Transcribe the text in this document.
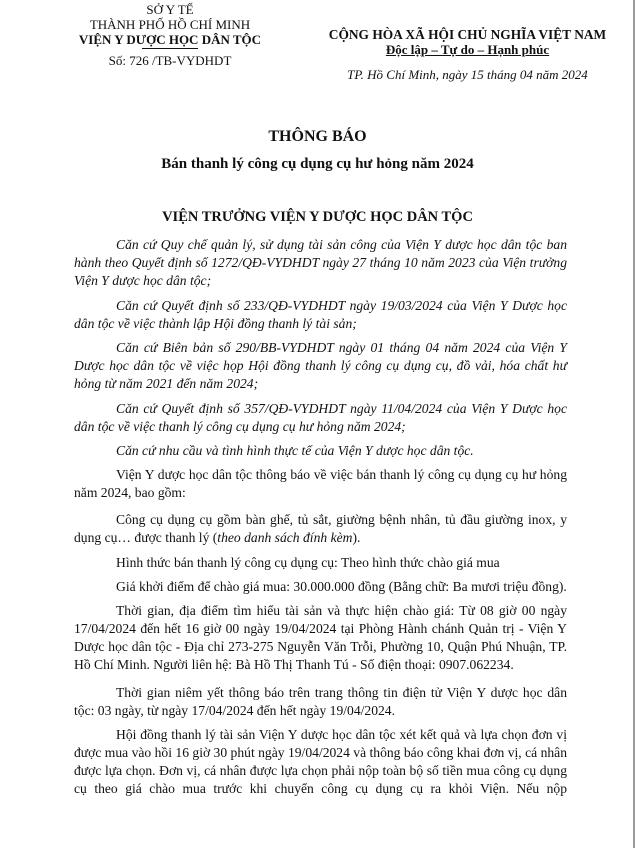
SỞ Y TẾ
THÀNH PHỐ HỒ CHÍ MINH
VIỆN Y DƯỢC HỌC DÂN TỘC
Số: 726 /TB-VYDHDT
CỘNG HÒA XÃ HỘI CHỦ NGHĨA VIỆT NAM
Độc lập – Tự do – Hạnh phúc
TP. Hồ Chí Minh, ngày 15 tháng 04 năm 2024
THÔNG BÁO
Bán thanh lý công cụ dụng cụ hư hỏng năm 2024
VIỆN TRƯỞNG VIỆN Y DƯỢC HỌC DÂN TỘC

Căn cứ Quy chế quản lý, sử dụng tài sản công của Viện Y dược học dân tộc ban hành theo Quyết định số 1272/QĐ-VYDHDT ngày 27 tháng 10 năm 2023 của Viện trưởng Viện Y dược học dân tộc;

Căn cứ Quyết định số 233/QĐ-VYDHDT ngày 19/03/2024 của Viện Y Dược học dân tộc về việc thành lập Hội đồng thanh lý tài sản;

Căn cứ Biên bản số 290/BB-VYDHDT ngày 01 tháng 04 năm 2024 của Viện Y Dược học dân tộc về việc họp Hội đồng thanh lý công cụ dụng cụ, đồ vải, hóa chất hư hỏng từ năm 2021 đến năm 2024;

Căn cứ Quyết định số 357/QĐ-VYDHDT ngày 11/04/2024 của Viện Y Dược học dân tộc về việc thanh lý công cụ dụng cụ hư hỏng năm 2024;

Căn cứ nhu cầu và tình hình thực tế của Viện Y dược học dân tộc.

Viện Y dược học dân tộc thông báo về việc bán thanh lý công cụ dụng cụ hư hỏng năm 2024, bao gồm:

Công cụ dụng cụ gồm bàn ghế, tủ sắt, giường bệnh nhân, tủ đầu giường inox, y dụng cụ… được thanh lý (theo danh sách đính kèm).

Hình thức bán thanh lý công cụ dụng cụ: Theo hình thức chào giá mua

Giá khởi điểm để chào giá mua: 30.000.000 đồng (Bằng chữ: Ba mươi triệu đồng).

Thời gian, địa điểm tìm hiểu tài sản và thực hiện chào giá: Từ 08 giờ 00 ngày 17/04/2024 đến hết 16 giờ 00 ngày 19/04/2024 tại Phòng Hành chánh Quản trị - Viện Y Dược học dân tộc - Địa chỉ 273-275 Nguyễn Văn Trỗi, Phường 10, Quận Phú Nhuận, TP. Hồ Chí Minh. Người liên hệ: Bà Hồ Thị Thanh Tú - Số điện thoại: 0907.062234.

Thời gian niêm yết thông báo trên trang thông tin điện tử Viện Y dược học dân tộc: 03 ngày, từ ngày 17/04/2024 đến hết ngày 19/04/2024.

Hội đồng thanh lý tài sản Viện Y dược học dân tộc xét kết quả và lựa chọn đơn vị được mua vào hồi 16 giờ 30 phút ngày 19/04/2024 và thông báo công khai đơn vị, cá nhân được lựa chọn. Đơn vị, cá nhân được lựa chọn phải nộp toàn bộ số tiền mua công cụ dụng cụ theo giá chào mua trước khi chuyển công cụ dụng cụ ra khỏi Viện. Nếu nộp
